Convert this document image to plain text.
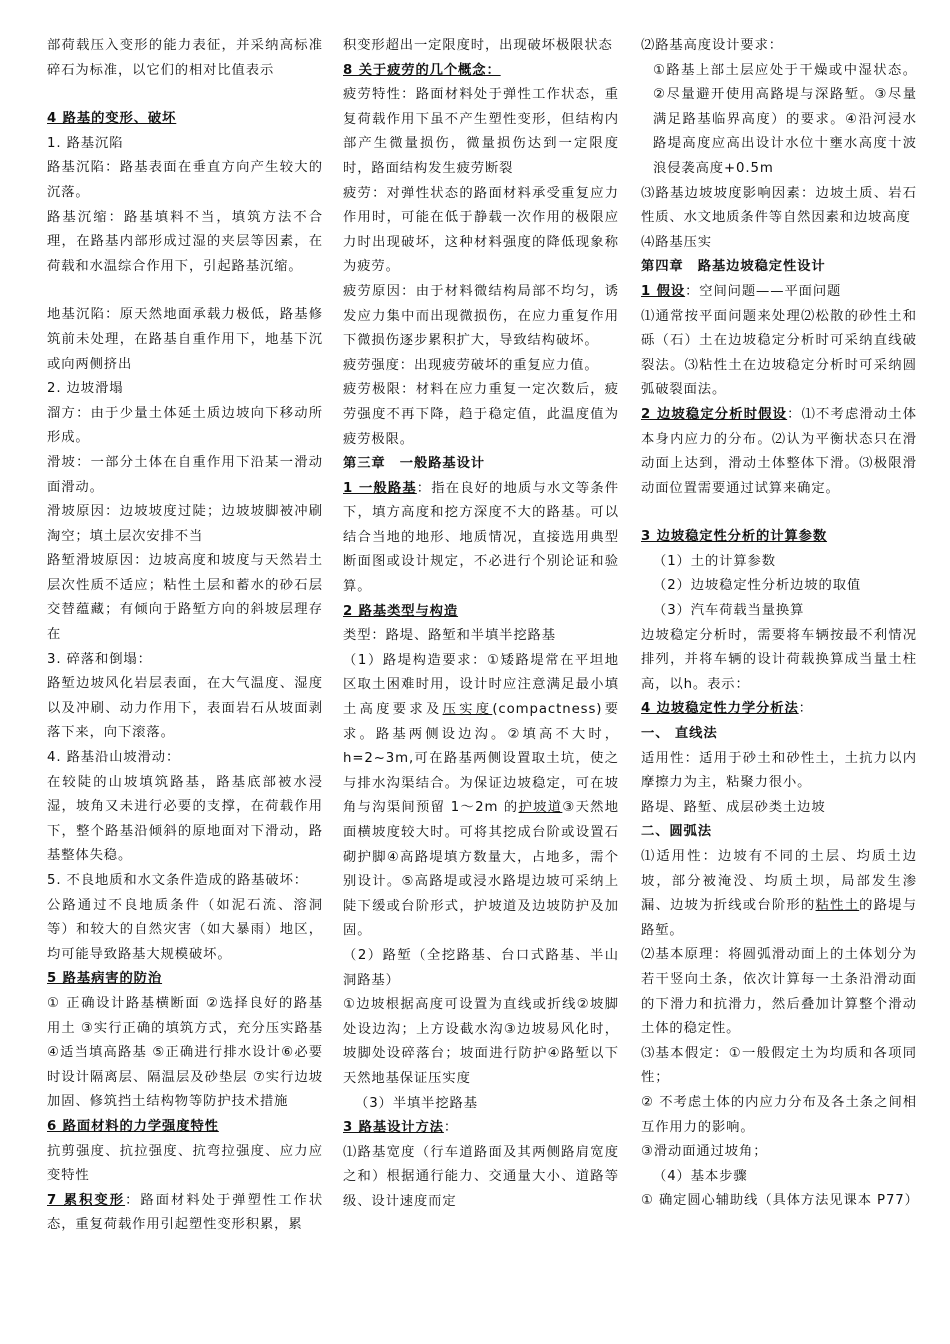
部荷载压入变形的能力表征，并采纳高标准碎石为标准，以它们的相对比值表示

4 路基的变形、破坏

1. 路基沉陷

路基沉陷：路基表面在垂直方向产生较大的沉落。

路基沉缩：路基填料不当，填筑方法不合理，在路基内部形成过湿的夹层等因素，在荷载和水温综合作用下，引起路基沉缩。

地基沉陷：原天然地面承载力极低，路基修筑前未处理，在路基自重作用下，地基下沉或向两侧挤出

2. 边坡滑塌

溜方：由于少量土体延土质边坡向下移动所形成。

滑坡：一部分土体在自重作用下沿某一滑动面滑动。

滑坡原因：边坡坡度过陡；边坡坡脚被冲刷淘空；填土层次安排不当

路堑滑坡原因：边坡高度和坡度与天然岩土层次性质不适应；粘性土层和蓄水的砂石层交替蕴藏；有倾向于路堑方向的斜坡层理存在

3. 碎落和倒塌：

路堑边坡风化岩层表面，在大气温度、湿度以及冲刷、动力作用下，表面岩石从坡面剥落下来，向下滚落。

4. 路基沿山坡滑动：

在较陡的山坡填筑路基，路基底部被水浸湿，坡角又未进行必要的支撑，在荷载作用下，整个路基沿倾斜的原地面对下滑动，路基整体失稳。

5. 不良地质和水文条件造成的路基破坏：

公路通过不良地质条件（如泥石流、溶洞等）和较大的自然灾害（如大暴雨）地区，均可能导致路基大规模破坏。

5 路基病害的防治

① 正确设计路基横断面 ②选择良好的路基用土 ③实行正确的填筑方式，充分压实路基 ④适当填高路基 ⑤正确进行排水设计⑥必要时设计隔离层、隔温层及砂垫层 ⑦实行边坡加固、修筑挡土结构物等防护技术措施

6 路面材料的力学强度特性

抗剪强度、抗拉强度、抗弯拉强度、应力应变特性

7 累积变形：路面材料处于弹塑性工作状态，重复荷载作用引起塑性变形积累，累

积变形超出一定限度时，出现破坏极限状态

8 关于疲劳的几个概念：

疲劳特性：路面材料处于弹性工作状态，重复荷载作用下虽不产生塑性变形，但结构内部产生微量损伤，微量损伤达到一定限度时，路面结构发生疲劳断裂

疲劳：对弹性状态的路面材料承受重复应力作用时，可能在低于静载一次作用的极限应力时出现破坏，这种材料强度的降低现象称为疲劳。

疲劳原因：由于材料微结构局部不均匀，诱发应力集中而出现微损伤，在应力重复作用下微损伤逐步累积扩大，导致结构破坏。

疲劳强度：出现疲劳破坏的重复应力值。

疲劳极限：材料在应力重复一定次数后，疲劳强度不再下降，趋于稳定值，此温度值为疲劳极限。

第三章　一般路基设计

1 一般路基：指在良好的地质与水文等条件下，填方高度和挖方深度不大的路基。可以结合当地的地形、地质情况，直接选用典型断面图或设计规定，不必进行个别论证和验算。

2 路基类型与构造

类型：路堤、路堑和半填半挖路基

（1）路堤构造要求：①矮路堤常在平坦地区取土困难时用，设计时应注意满足最小填土高度要求及压实度(compactness)要求。路基两侧设边沟。②填高不大时，h=2~3m,可在路基两侧设置取土坑，使之与排水沟渠结合。为保证边坡稳定，可在坡角与沟渠间预留 1～2m 的护坡道③天然地面横坡度较大时。可将其挖成台阶或设置石砌护脚④高路堤填方数量大，占地多，需个别设计。⑤高路堤或浸水路堤边坡可采纳上陡下缓或台阶形式，护坡道及边坡防护及加固。

（2）路堑（全挖路基、台口式路基、半山洞路基）

①边坡根据高度可设置为直线或折线②坡脚处设边沟；上方设截水沟③边坡易风化时，坡脚处设碎落台；坡面进行防护④路堑以下天然地基保证压实度

（3）半填半挖路基

3 路基设计方法：

⑴路基宽度（行车道路面及其两侧路肩宽度之和）根据通行能力、交通量大小、道路等级、设计速度而定

⑵路基高度设计要求：

①路基上部土层应处于干燥或中湿状态。②尽量避开使用高路堤与深路堑。③尽量满足路基临界高度）的要求。④沿河浸水路堤高度应高出设计水位十壅水高度十波浪侵袭高度+0.5m

⑶路基边坡坡度影响因素：边坡土质、岩石性质、水文地质条件等自然因素和边坡高度

⑷路基压实

第四章　路基边坡稳定性设计

1 假设：空间问题——平面问题

⑴通常按平面问题来处理⑵松散的砂性土和砾（石）土在边坡稳定分析时可采纳直线破裂法。⑶粘性土在边坡稳定分析时可采纳圆弧破裂面法。

2 边坡稳定分析时假设：⑴不考虑滑动土体本身内应力的分布。⑵认为平衡状态只在滑动面上达到，滑动土体整体下滑。⑶极限滑动面位置需要通过试算来确定。

3 边坡稳定性分析的计算参数

（1）土的计算参数

（2）边坡稳定性分析边坡的取值

（3）汽车荷载当量换算

边坡稳定分析时，需要将车辆按最不利情况排列，并将车辆的设计荷载换算成当量土柱高，以h。表示：

4 边坡稳定性力学分析法：

一、 直线法

适用性：适用于砂土和砂性土，土抗力以内摩擦力为主，粘聚力很小。

路堤、路堑、成层砂类土边坡

二、圆弧法

⑴适用性：边坡有不同的土层、均质土边坡，部分被淹没、均质土坝，局部发生渗漏、边坡为折线或台阶形的粘性土的路堤与路堑。

⑵基本原理：将圆弧滑动面上的土体划分为若干竖向土条，依次计算每一土条沿滑动面的下滑力和抗滑力，然后叠加计算整个滑动土体的稳定性。

⑶基本假定：①一般假定土为均质和各项同性；

② 不考虑土体的内应力分布及各土条之间相互作用力的影响。

③滑动面通过坡角；

（4）基本步骤

① 确定圆心辅助线（具体方法见课本 P77）
